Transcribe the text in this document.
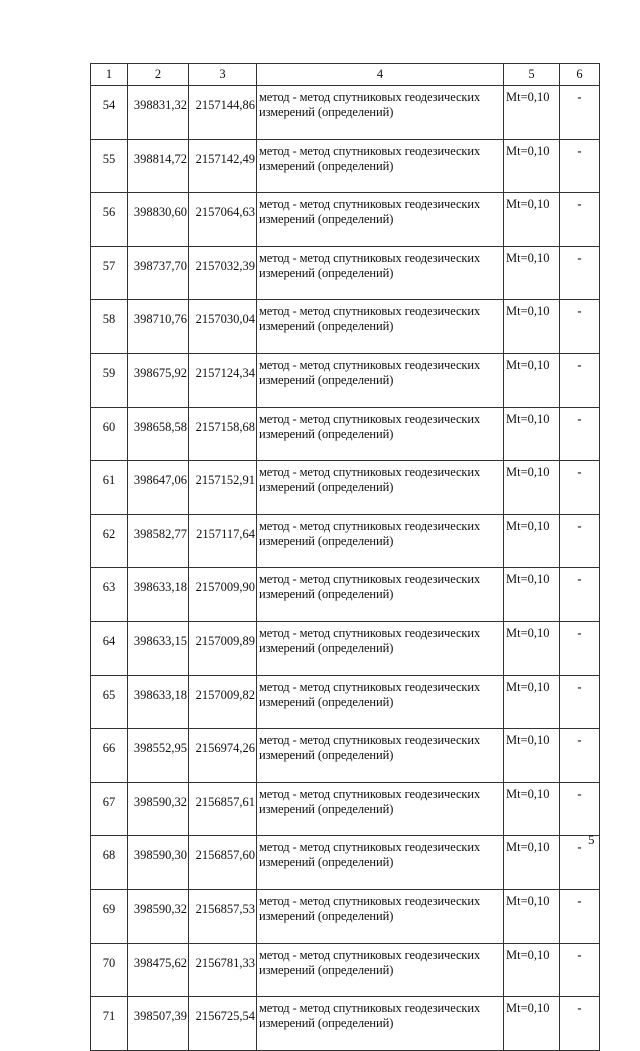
1	2	3	4	5	6
54	398831,32	2157144,86	метод - метод спутниковых геодезических измерений (определений)	Mt=0,10	-
55	398814,72	2157142,49	метод - метод спутниковых геодезических измерений (определений)	Mt=0,10	-
56	398830,60	2157064,63	метод - метод спутниковых геодезических измерений (определений)	Mt=0,10	-
57	398737,70	2157032,39	метод - метод спутниковых геодезических измерений (определений)	Mt=0,10	-
58	398710,76	2157030,04	метод - метод спутниковых геодезических измерений (определений)	Mt=0,10	-
59	398675,92	2157124,34	метод - метод спутниковых геодезических измерений (определений)	Mt=0,10	-
60	398658,58	2157158,68	метод - метод спутниковых геодезических измерений (определений)	Mt=0,10	-
61	398647,06	2157152,91	метод - метод спутниковых геодезических измерений (определений)	Mt=0,10	-
62	398582,77	2157117,64	метод - метод спутниковых геодезических измерений (определений)	Mt=0,10	-
63	398633,18	2157009,90	метод - метод спутниковых геодезических измерений (определений)	Mt=0,10	-
64	398633,15	2157009,89	метод - метод спутниковых геодезических измерений (определений)	Mt=0,10	-
65	398633,18	2157009,82	метод - метод спутниковых геодезических измерений (определений)	Mt=0,10	-
66	398552,95	2156974,26	метод - метод спутниковых геодезических измерений (определений)	Mt=0,10	-
67	398590,32	2156857,61	метод - метод спутниковых геодезических измерений (определений)	Mt=0,10	-
68	398590,30	2156857,60	метод - метод спутниковых геодезических измерений (определений)	Mt=0,10	-
69	398590,32	2156857,53	метод - метод спутниковых геодезических измерений (определений)	Mt=0,10	-
70	398475,62	2156781,33	метод - метод спутниковых геодезических измерений (определений)	Mt=0,10	-
71	398507,39	2156725,54	метод - метод спутниковых геодезических измерений (определений)	Mt=0,10	-
5
